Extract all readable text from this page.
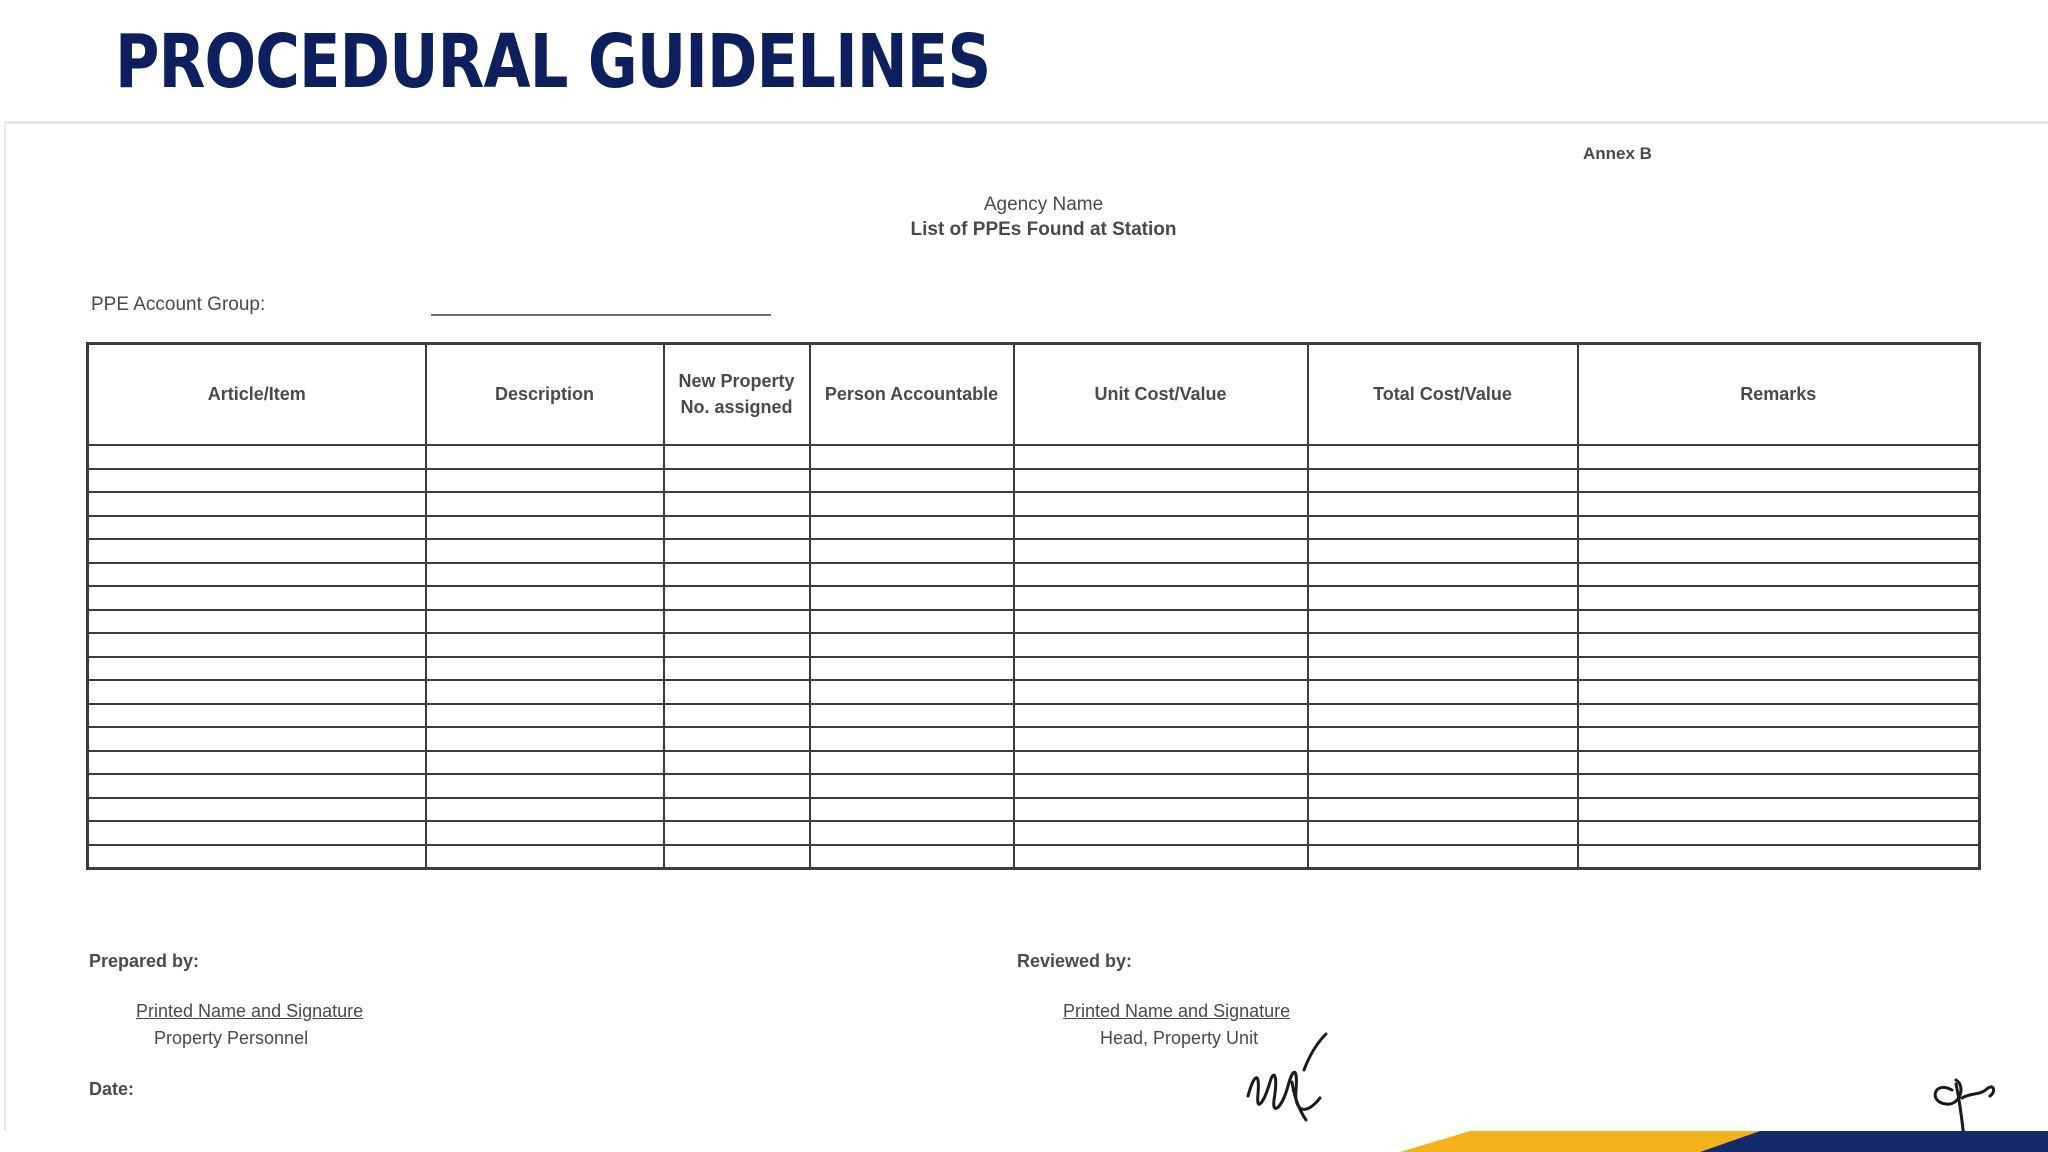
PROCEDURAL GUIDELINES
Annex B
Agency Name
List of PPEs Found at Station
PPE Account Group:
Article/Item	Description	New Property No. assigned	Person Accountable	Unit Cost/Value	Total Cost/Value	Remarks

Prepared by:
Printed Name and Signature
Property Personnel
Reviewed by:
Printed Name and Signature
Head, Property Unit
Date:
